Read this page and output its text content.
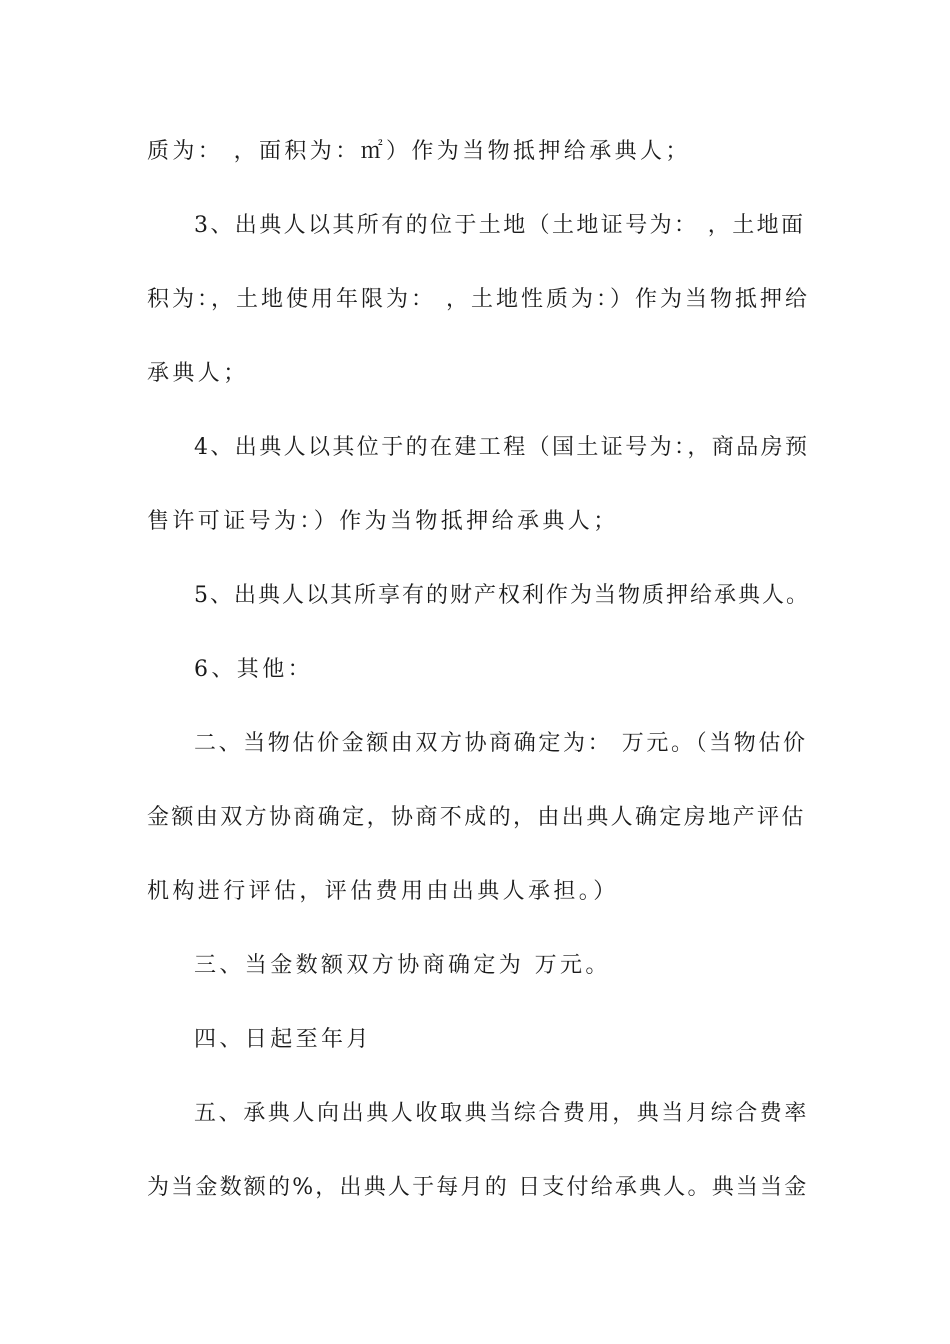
质为： ，面积为：㎡）作为当物抵押给承典人；
3、出典人以其所有的位于土地（土地证号为： ，土地面
积为：，土地使用年限为： ，土地性质为：）作为当物抵押给
承典人；
4、出典人以其位于的在建工程（国土证号为：，商品房预
售许可证号为：）作为当物抵押给承典人；
5、出典人以其所享有的财产权利作为当物质押给承典人。
6、其他：
二、当物估价金额由双方协商确定为： 万元。（当物估价
金额由双方协商确定，协商不成的，由出典人确定房地产评估
机构进行评估，评估费用由出典人承担。）
三、当金数额双方协商确定为 万元。
四、日起至年月
五、承典人向出典人收取典当综合费用，典当月综合费率
为当金数额的%，出典人于每月的 日支付给承典人。典当当金
